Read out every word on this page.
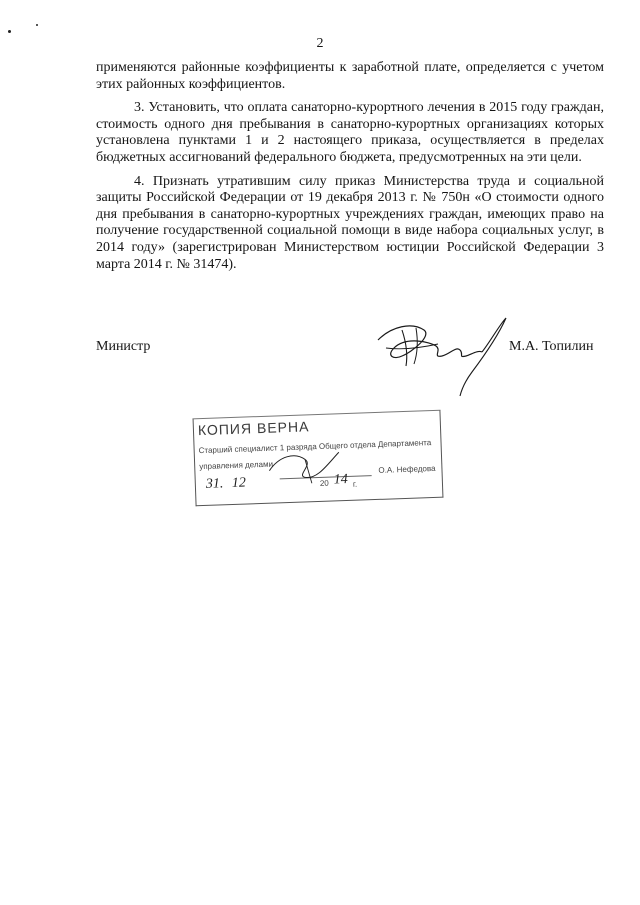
2

применяются районные коэффициенты к заработной плате, определяется с учетом этих районных коэффициентов.

3. Установить, что оплата санаторно-курортного лечения в 2015 году граждан, стоимость одного дня пребывания в санаторно-курортных организациях которых установлена пунктами 1 и 2 настоящего приказа, осуществляется в пределах бюджетных ассигнований федерального бюджета, предусмотренных на эти цели.

4. Признать утратившим силу приказ Министерства труда и социальной защиты Российской Федерации от 19 декабря 2013 г. № 750н «О стоимости одного дня пребывания в санаторно-курортных учреждениях граждан, имеющих право на получение государственной социальной помощи в виде набора социальных услуг, в 2014 году» (зарегистрирован Министерством юстиции Российской Федерации 3 марта 2014 г. № 31474).

Министр	М.А. Топилин
КОПИЯ ВЕРНА
Старший специалист 1 разряда Общего отдела Департамента
управления делами	О.А. Нефедова
31. 12	20 14 г.
